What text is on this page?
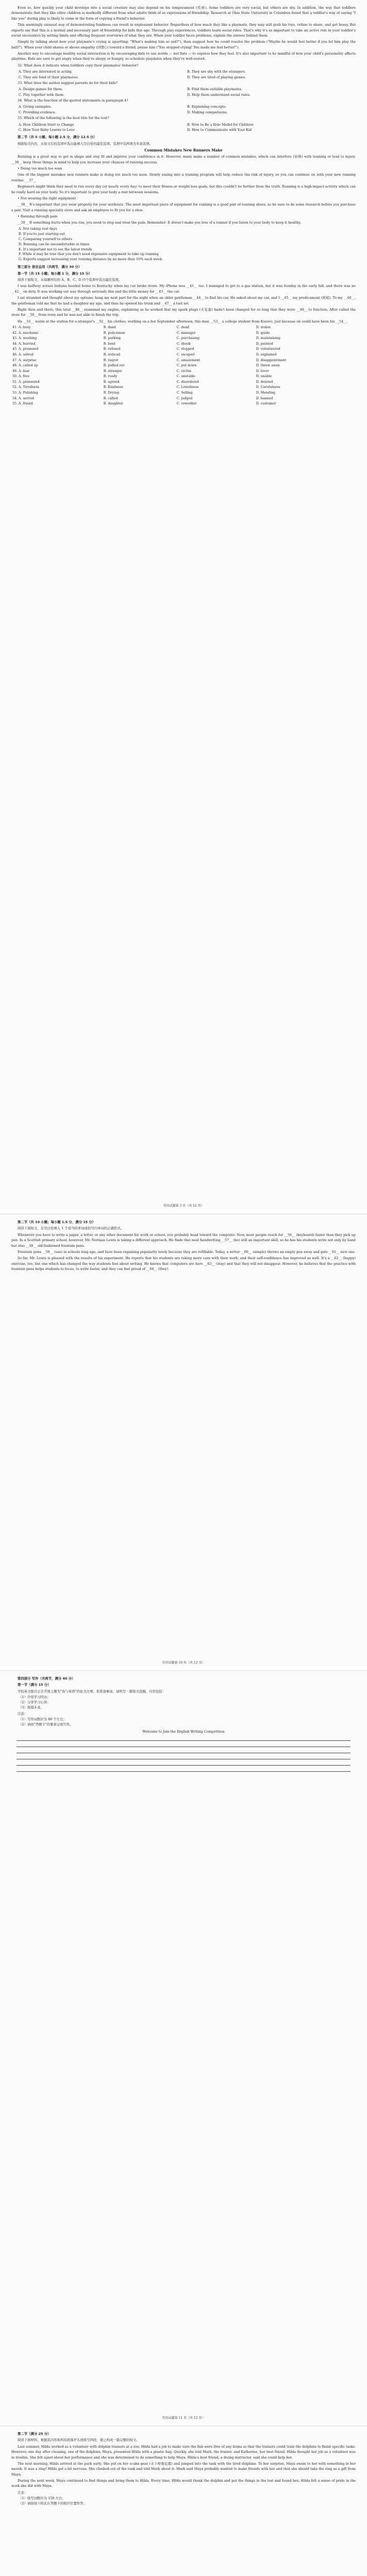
Even so, how quickly your child develops into a social creature may also depend on his temperament (性格). Some toddlers are very social, but others are shy. In addition, the way that toddlers demonstrate that they like other children is markedly different from what adults think of as expressions of friendship. Research at Ohio State University in Columbus found that a toddler's way of saying "I like you" during play is likely to come in the form of copying a friend's behavior.

This seemingly unusual way of demonstrating fondness can result in unpleasant behavior. Regardless of how much they like a playmate, they may still grab his toys, refuse to share, and get bossy. But experts say that this is a normal and necessary part of friendship for kids this age. Through play experiences, toddlers learn social rules. That's why it's so important to take an active role in your toddler's social encounters by setting limits and offering frequent overviews of what they are. When your toddler faces problems, explain the answer behind them.

Simply by talking about how your playmate's crying is upsetting: "What's making him so sad?"), then suggest how he could resolve the problem ("Maybe he would feel better if you let him play the ball?"). When your child shares or shows empathy (同情心) toward a friend, praise him ("You stopped crying! You made me feel better!").

Another way to encourage healthy social interaction is by encouraging kids to use words — not fists — to express how they feel. It's also important to be mindful of how your child's personality affects playtime. Kids are sure to get angry when they're sleepy or hungry, so schedule playdates when they're well-rested.

32. What does it indicate when toddlers copy their playmates' behavior?

A. They are interested in acting.	B. They are shy with the strangers.
C. They are fond of their playmates.	D. They are tired of playing games.

33. What does the author suggest parents do for their kids?

A. Design games for them.	B. Find them suitable playmates.
C. Play together with them.	D. Help them understand social rules.

34. What is the function of the quoted statements in paragraph 4?

A. Giving examples.	B. Explaining concepts.
C. Providing evidence.	D. Making comparisons.

35. Which of the following is the best title for the text?

A. How Children Start to Change	B. How to Be a Role Model for Children
C. How Your Baby Learns to Love	D. How to Communicate with Your Kid

第二节（共 5 小题；每小题 2.5 分，满分 12.5 分）

根据短文内容，从短文后的选项中选出能填入空白处的最佳选项。选项中有两项为多余选项。

Common Mistakes New Runners Make

Running is a great way to get in shape and stay fit and improve your confidence in it. However, many make a number of common mistakes, which can interfere (妨碍) with training or lead to injury. __36__ keep these things in mind to help you increase your chances of running success.

• Doing too much too soon

One of the biggest mistakes new runners make is doing too much too soon. Slowly easing into a training program will help reduce the risk of injury, so you can continue on with your new running routine. __37__

Beginners might think they need to run every day (or nearly every day) to meet their fitness or weight-loss goals, but this couldn't be further from the truth. Running is a high-impact activity which can be really hard on your body. So it's important to give your body a rest between sessions.

• Not wearing the right equipment

__38__ It's important that you wear properly for your workouts. The most important piece of equipment for running is a good pair of running shoes, so be sure to do some research before you purchase a pair. Visit a running specialty store and ask an employee to fit you for a shoe.

• Running through pain

__39__ If something hurts when you run, you need to stop and treat the pain. Remember: It doesn't make you less of a runner if you listen to your body to keep it healthy.

A. Not taking rest days
B. If you're just starting out
C. Comparing yourself to others
D. Running can be uncomfortable at times
E. It's important not to see the latest trends
F. While it may be true that you don't need expensive equipment to take up running
G. Experts suggest increasing your running distance by no more than 10% each week

第三部分 语言运用（共两节，满分 30 分）

第一节（共 15 小题；每小题 1 分，满分 15 分）

阅读下面短文，从每题所给的 A、B、C、D 四个选项中选出最佳选项。

I was halfway across Indiana headed home to Kentucky when my car broke down. My iPhone was __41__ too. I managed to get to a gas station, but it was Sunday in the early fall, and there was no __42__ on duty. It was working out way through seriously this and the little money for __43__ the car.

I sat stranded and thought about my options: hang my next part for the night when an older gentleman __44__ to find his car. He asked about my car, and I __45__ my predicament (困境). To my __46__, the gentleman told me that he had a daughter my age, and then he opened his trunk and __47__ a tool set.

Right then and there, this total __48__ examined my engine, explaining as he worked that my spark plugs (火花塞) hadn't been changed for so long that they were __49__ to function. After called the store for __50__ from town and he was not able to finish the trip.

He __51__ warm at the station for a stranger's __52__ his clothes, working on a hot September afternoon, this man __53__ a college student from Kosovo, just because on could have been his __54__.

41. A. busy	B. dead	C. dead	D. stolen
42. A. mechanic	B. policeman	C. manager	D. guide
43. A. washing	B. parking	C. purchasing	D. maintaining
44. A. hurried	B. bent	C. shook	D. pointed
45. A. promised	B. refused	C. stopped	D. volunteered
46. A. solved	B. noticed	C. escaped	D. explained
47. A. surprise	B. regret	C. amazement	D. disappointment
48. A. called up	B. pulled out	C. put down	D. threw away
49. A. fear	B. stranger	C. victim	D. lover
50. A. free	B. ready	C. unstable	D. unable
51. A. pioneered	B. agreed	C. disordered	D. deleted
52. A. Tiredness	B. Kindness	C. Loneliness	D. Carefulness
53. A. Polishing	B. Drying	C. Selling	D. Mending
54. A. served	B. called	C. judged	D. banned
55. A. friend	B. daughter	C. coworker	D. customer
英语试题第 3 页（共 12 页）

第二节（共 10 小题；每小题 1.5 分，满分 15 分）

阅读下面短文，在空白处填入 1 个适当的单词或括号内单词的正确形式。

Whenever you have to write a paper, a letter, or any other document for work or school, you probably head toward the computer. Now, most people reach for __56__ (keyboard) faster than they pick up pen. In a Scottish primary school, however, Mr. Norman Lewis is taking a different approach. He finds that neat handwriting __57__ (be) still an important skill, so he has his students write not only by hand but also __58__ old-fashioned fountain pens.

Fountain pens __59__ (use) in schools long ago, and have been regaining popularity lately because they are refillable. Today, a writer __60__ (simple) throws an empty pen away and gets __61__ new one.

So far, Mr. Lewis is pleased with the results of his experiment. He reports that his students are taking more care with their work, and their self-confidence has improved as well. It's a __62__ (happy) exercise, too, but one which has changed the way students feel about writing. He knows that computers are here __63__ (stay) and that they will not disappear. However, he believes that the practice with fountain pens helps students to focus, to write faster, and they can feel proud of __64__ (they).

英语试题第 10 页（共 12 页）

第四部分 写作（共两节，满分 40 分）

第一节（满分 15 分）

学校英文报社正在开展主题为"我与英语"的征文比赛。你准备参加，请你写一篇短文投稿，内容包括：

（1）介绍学习经历；
（2）分享学习心得；
（3）展望未来。

注意：

（1）写作词数应为 80 个左右；
（2）请按"答题卡"的要求完成写作。
Welcome to Join the English Writing Competition
英语试题第 11 页（共 12 页）

第二节（满分 25 分）

阅读下面材料，根据其内容和所给段落开头语续写两段，使之构成一篇完整的短文。

Last summer, Hilda worked as a volunteer with dolphin trainers at a zoo. Hilda had a job to make sure the fish were free of any items so that the trainers could train the dolphins to finish specific tasks. However, one day after cleaning, one of the dolphins, Maya, presented Hilda with a plastic bag. Quickly, she told Mark, the trainer, and Katherine, her best friend. Hilda thought her job as a volunteer was in trouble. She felt upset about her performance and she was determined to do something to help Maya. Hilda's best friend, a diving instructor, said she could help her.

The next morning, Hilda arrived at the park early. She put on her scuba gear (水下呼吸装置) and jumped into the tank with the tired dolphins. To her surprise, Maya swam to her with something in her mouth. It was a ring! Hilda got a bit nervous. She climbed out of the tank and told Mark about it. Mark said Maya probably wanted to make friends with her and that she should take the ring as a gift from Maya.

During the next week, Maya continued to find things and bring them to Hilda. Every time, Hilda would thank the dolphin and put the things in the lost and found box. Hilda felt a sense of pride in the work she did with Maya.

注意：

（1）续写词数应为 150 左右；
（2）请按如下格式在答题卡的相应位置作答。
